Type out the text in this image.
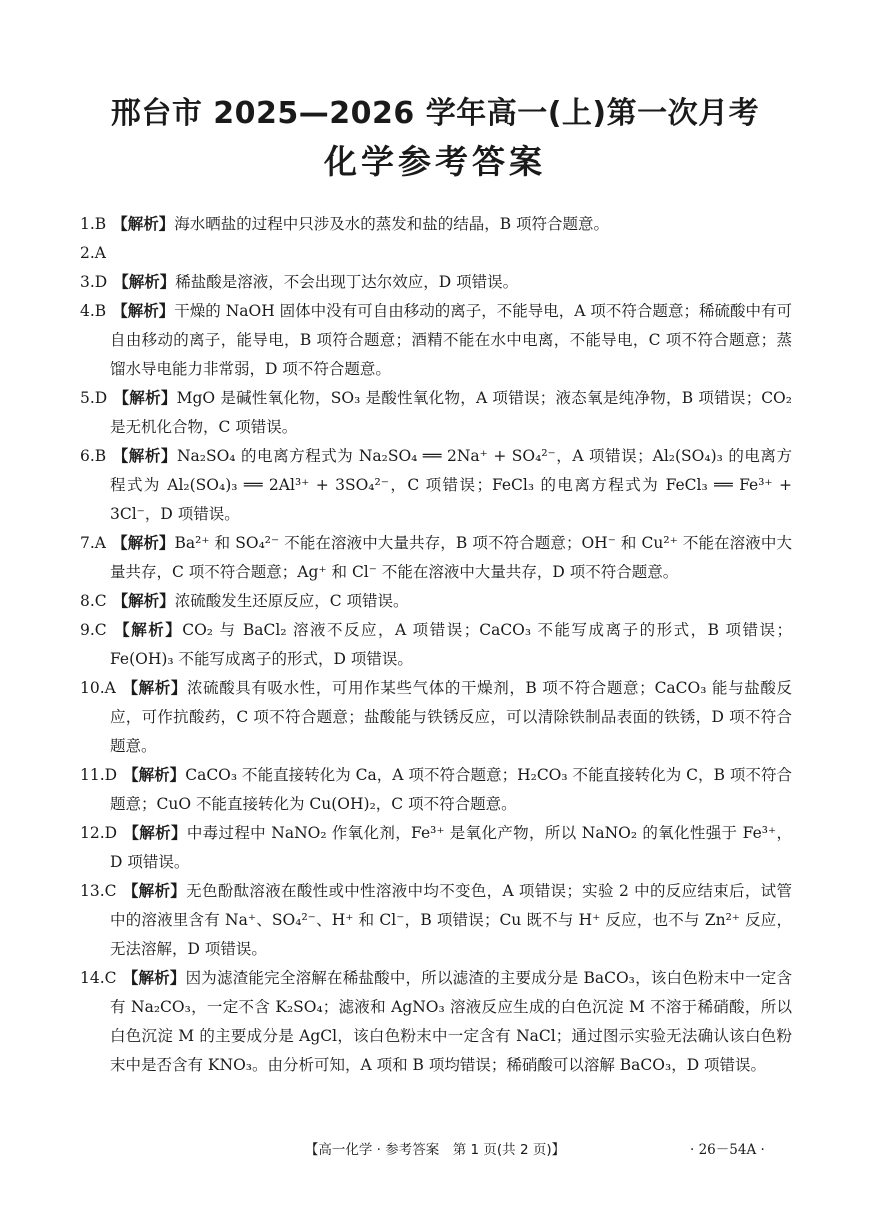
邢台市 2025—2026 学年高一(上)第一次月考
化学参考答案
1.B 【解析】海水晒盐的过程中只涉及水的蒸发和盐的结晶，B 项符合题意。
2.A
3.D 【解析】稀盐酸是溶液，不会出现丁达尔效应，D 项错误。
4.B 【解析】干燥的 NaOH 固体中没有可自由移动的离子，不能导电，A 项不符合题意；稀硫酸中有可自由移动的离子，能导电，B 项符合题意；酒精不能在水中电离，不能导电，C 项不符合题意；蒸馏水导电能力非常弱，D 项不符合题意。
5.D 【解析】MgO 是碱性氧化物，SO₃ 是酸性氧化物，A 项错误；液态氧是纯净物，B 项错误；CO₂ 是无机化合物，C 项错误。
6.B 【解析】Na₂SO₄ 的电离方程式为 Na₂SO₄ ══ 2Na⁺ + SO₄²⁻，A 项错误；Al₂(SO₄)₃ 的电离方程式为 Al₂(SO₄)₃ ══ 2Al³⁺ + 3SO₄²⁻，C 项错误；FeCl₃ 的电离方程式为 FeCl₃ ══ Fe³⁺ + 3Cl⁻，D 项错误。
7.A 【解析】Ba²⁺ 和 SO₄²⁻ 不能在溶液中大量共存，B 项不符合题意；OH⁻ 和 Cu²⁺ 不能在溶液中大量共存，C 项不符合题意；Ag⁺ 和 Cl⁻ 不能在溶液中大量共存，D 项不符合题意。
8.C 【解析】浓硫酸发生还原反应，C 项错误。
9.C 【解析】CO₂ 与 BaCl₂ 溶液不反应，A 项错误；CaCO₃ 不能写成离子的形式，B 项错误；Fe(OH)₃ 不能写成离子的形式，D 项错误。
10.A 【解析】浓硫酸具有吸水性，可用作某些气体的干燥剂，B 项不符合题意；CaCO₃ 能与盐酸反应，可作抗酸药，C 项不符合题意；盐酸能与铁锈反应，可以清除铁制品表面的铁锈，D 项不符合题意。
11.D 【解析】CaCO₃ 不能直接转化为 Ca，A 项不符合题意；H₂CO₃ 不能直接转化为 C，B 项不符合题意；CuO 不能直接转化为 Cu(OH)₂，C 项不符合题意。
12.D 【解析】中毒过程中 NaNO₂ 作氧化剂，Fe³⁺ 是氧化产物，所以 NaNO₂ 的氧化性强于 Fe³⁺，D 项错误。
13.C 【解析】无色酚酞溶液在酸性或中性溶液中均不变色，A 项错误；实验 2 中的反应结束后，试管中的溶液里含有 Na⁺、SO₄²⁻、H⁺ 和 Cl⁻，B 项错误；Cu 既不与 H⁺ 反应，也不与 Zn²⁺ 反应，无法溶解，D 项错误。
14.C 【解析】因为滤渣能完全溶解在稀盐酸中，所以滤渣的主要成分是 BaCO₃，该白色粉末中一定含有 Na₂CO₃，一定不含 K₂SO₄；滤液和 AgNO₃ 溶液反应生成的白色沉淀 M 不溶于稀硝酸，所以白色沉淀 M 的主要成分是 AgCl，该白色粉末中一定含有 NaCl；通过图示实验无法确认该白色粉末中是否含有 KNO₃。由分析可知，A 项和 B 项均错误；稀硝酸可以溶解 BaCO₃，D 项错误。
【高一化学 · 参考答案　第 1 页(共 2 页)】	· 26－54A ·
